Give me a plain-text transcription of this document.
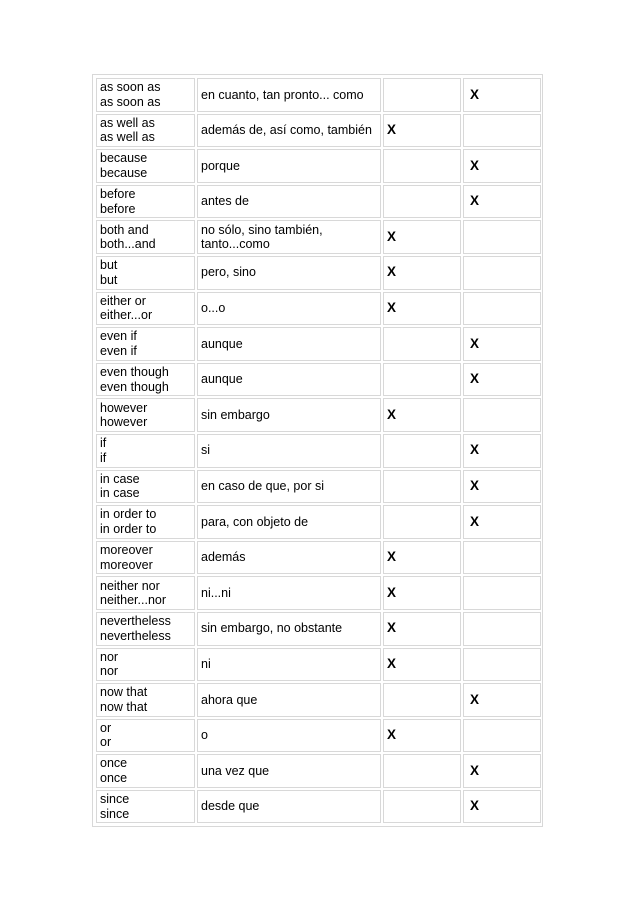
as soon as
as soon as	en cuanto, tan pronto... como		X

as well as
as well as	además de, así como, también	X	

because
because	porque		X

before
before	antes de		X

both and
both...and	no sólo, sino también, tanto...como	X	

but
but	pero, sino	X	

either or
either...or	o...o	X	

even if
even if	aunque		X

even though
even though	aunque		X

however
however	sin embargo	X	

if
if	si		X

in case
in case	en caso de que, por si		X

in order to
in order to	para, con objeto de		X

moreover
moreover	además	X	

neither nor
neither...nor	ni...ni	X	

nevertheless
nevertheless	sin embargo, no obstante	X	

nor
nor	ni	X	

now that
now that	ahora que		X

or
or	o	X	

once
once	una vez que		X

since
since	desde que		X
